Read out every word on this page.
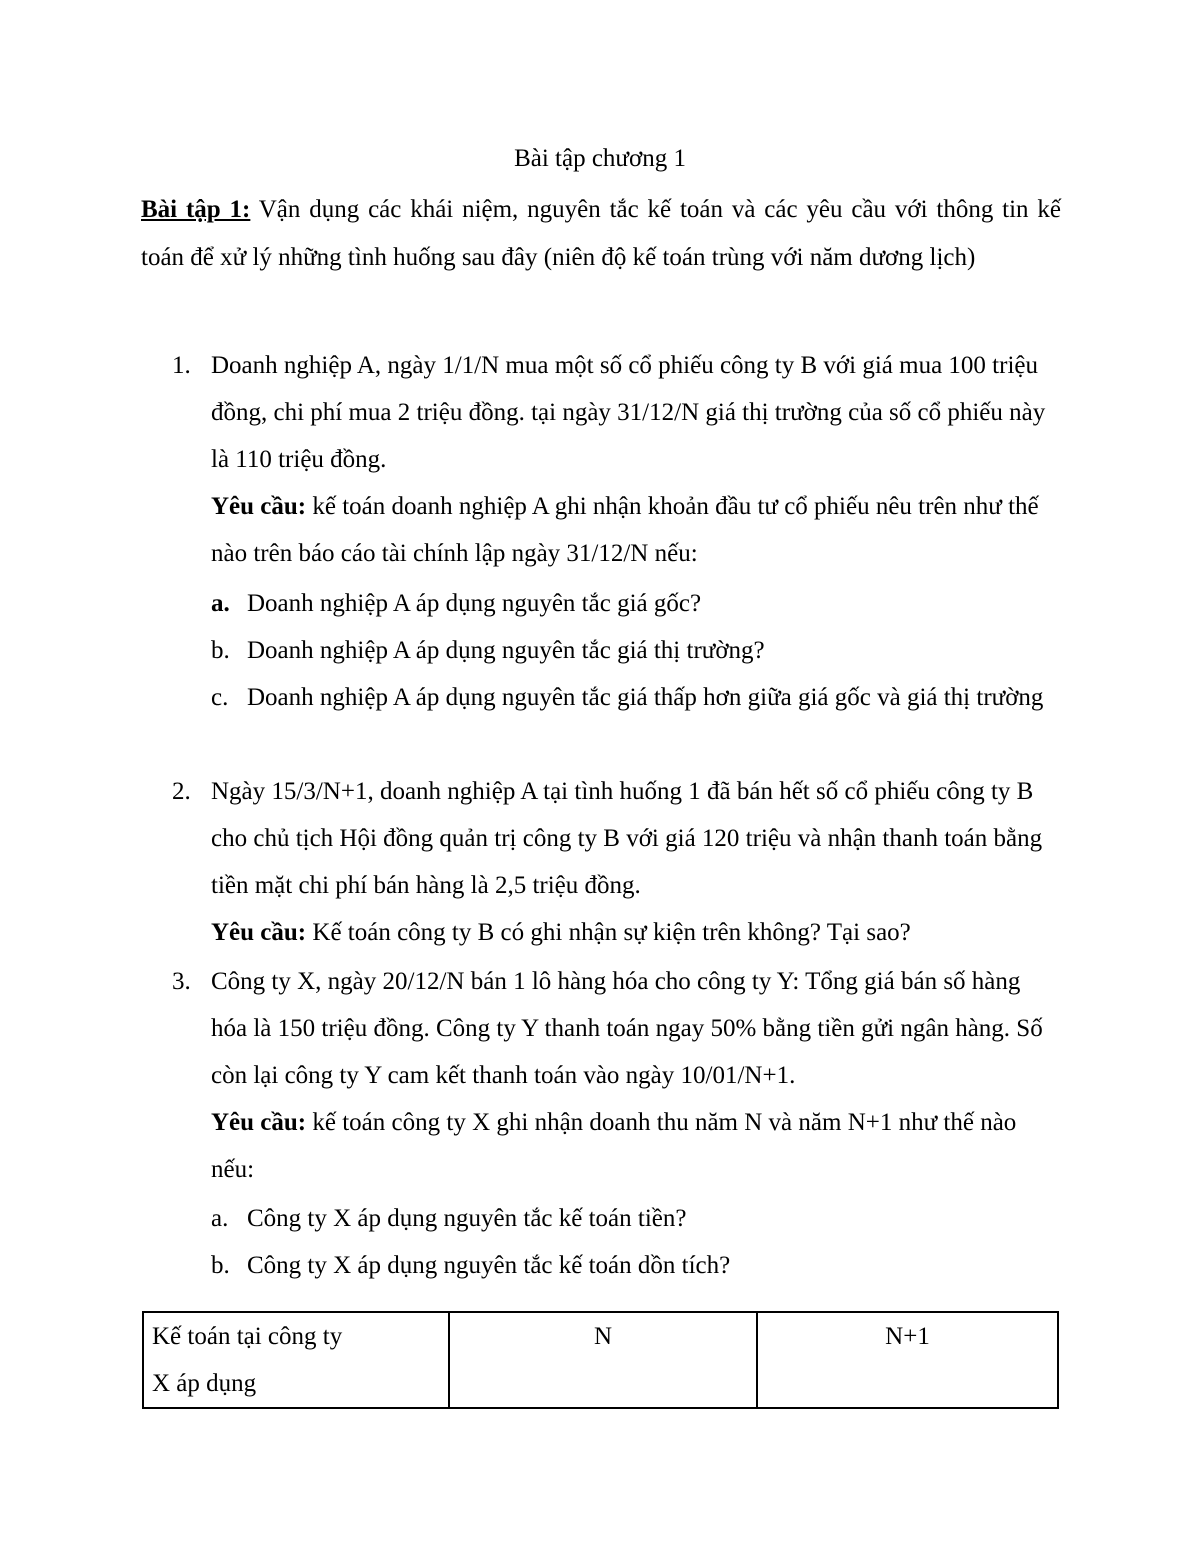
Bài tập chương 1

Bài tập 1: Vận dụng các khái niệm, nguyên tắc kế toán và các yêu cầu với thông tin kế toán để xử lý những tình huống sau đây (niên độ kế toán trùng với năm dương lịch)

1. Doanh nghiệp A, ngày 1/1/N mua một số cổ phiếu công ty B với giá mua 100 triệu đồng, chi phí mua 2 triệu đồng. tại ngày 31/12/N giá thị trường của số cổ phiếu này là 110 triệu đồng.
Yêu cầu: kế toán doanh nghiệp A ghi nhận khoản đầu tư cổ phiếu nêu trên như thế nào trên báo cáo tài chính lập ngày 31/12/N nếu:

a. Doanh nghiệp A áp dụng nguyên tắc giá gốc?
b. Doanh nghiệp A áp dụng nguyên tắc giá thị trường?
c. Doanh nghiệp A áp dụng nguyên tắc giá thấp hơn giữa giá gốc và giá thị trường
2. Ngày 15/3/N+1, doanh nghiệp A tại tình huống 1 đã bán hết số cổ phiếu công ty B cho chủ tịch Hội đồng quản trị công ty B với giá 120 triệu và nhận thanh toán bằng tiền mặt chi phí bán hàng là 2,5 triệu đồng.
Yêu cầu: Kế toán công ty B có ghi nhận sự kiện trên không? Tại sao?

3. Công ty X, ngày 20/12/N bán 1 lô hàng hóa cho công ty Y: Tổng giá bán số hàng hóa là 150 triệu đồng. Công ty Y thanh toán ngay 50% bằng tiền gửi ngân hàng. Số còn lại công ty Y cam kết thanh toán vào ngày 10/01/N+1.
Yêu cầu: kế toán công ty X ghi nhận doanh thu năm N và năm N+1 như thế nào nếu:

a. Công ty X áp dụng nguyên tắc kế toán tiền?
b. Công ty X áp dụng nguyên tắc kế toán dồn tích?
Kế toán tại công ty
X áp dụng	N	N+1
